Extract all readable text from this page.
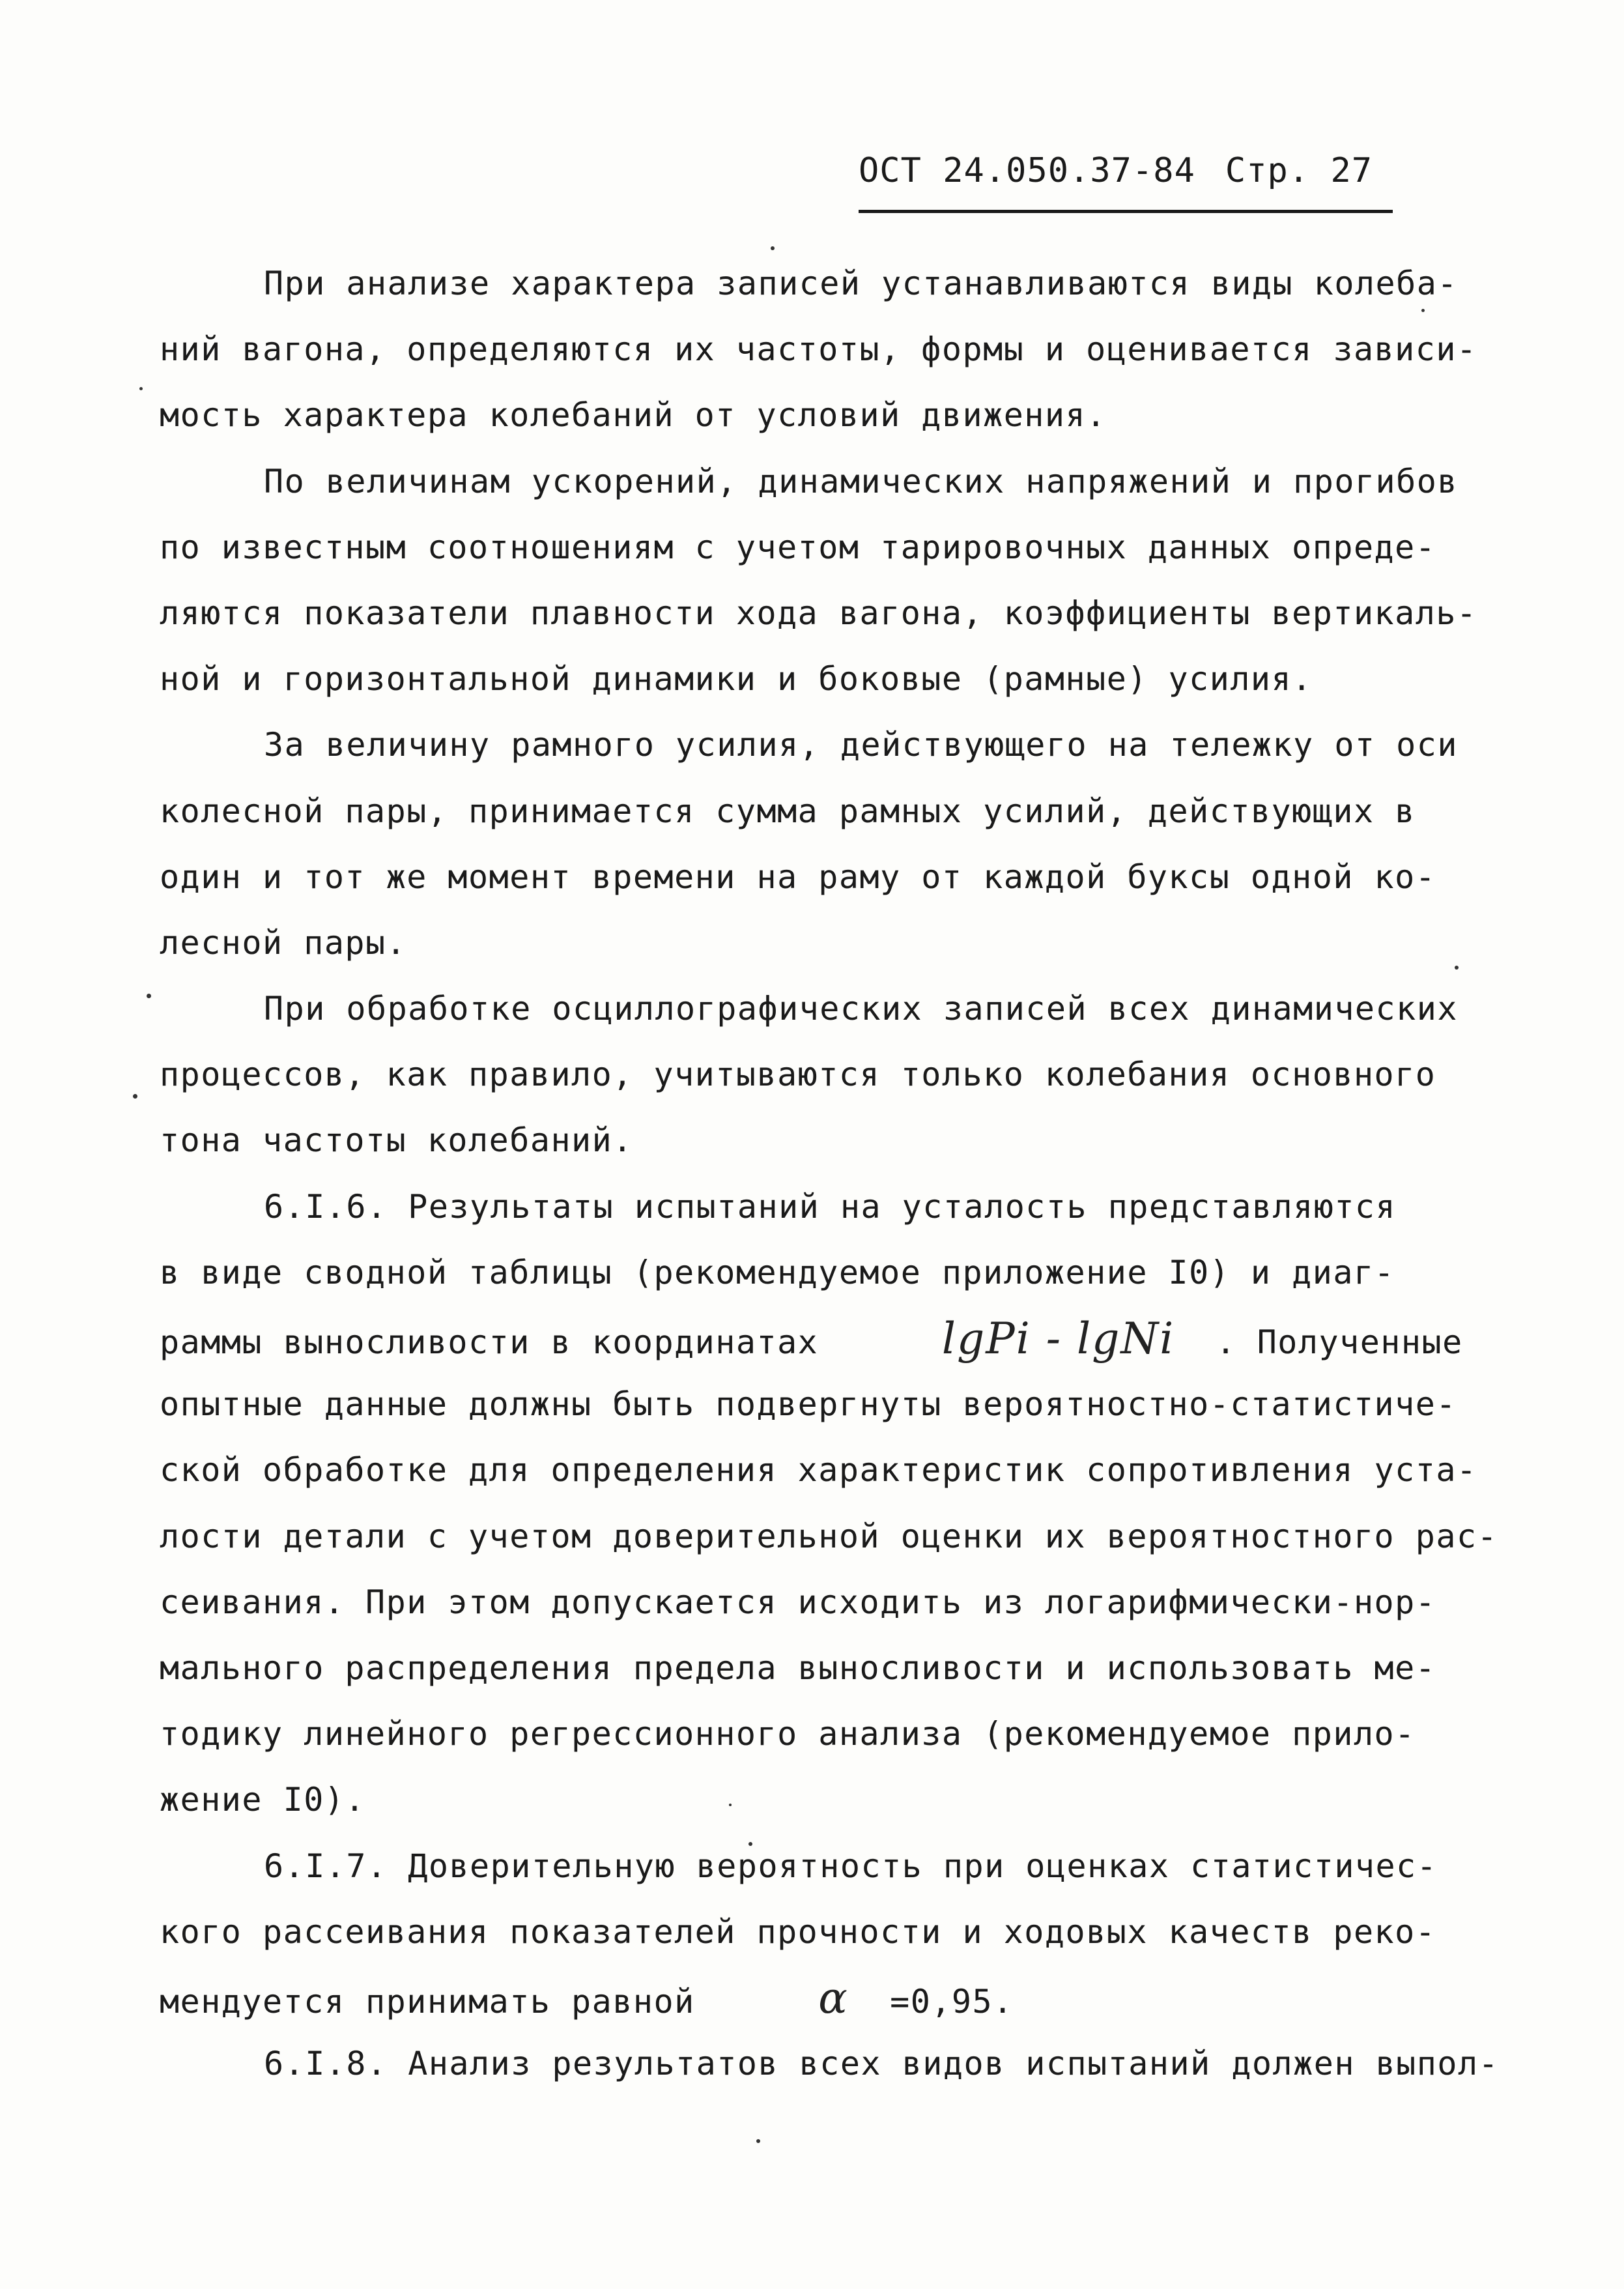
ОСТ 24.050.37-84 Стр. 27
При анализе характера записей устанавливаются виды колеба-
ний вагона, определяются их частоты, формы и оценивается зависи-
мость характера колебаний от условий движения.
По величинам ускорений, динамических напряжений и прогибов
по известным соотношениям с учетом тарировочных данных опреде-
ляются показатели плавности хода вагона, коэффициенты вертикаль-
ной и горизонтальной динамики и боковые (рамные) усилия.
За величину рамного усилия, действующего на тележку от оси
колесной пары, принимается сумма рамных усилий, действующих в
один и тот же момент времени на раму от каждой буксы одной ко-
лесной пары.
При обработке осциллографических записей всех динамических
процессов, как правило, учитываются только колебания основного
тона частоты колебаний.
6.I.6. Результаты испытаний на усталость представляются
в виде сводной таблицы (рекомендуемое приложение I0) и диаг-
раммы выносливости в координатах	lgPi - lgNi . Полученные
опытные данные должны быть подвергнуты вероятностно-статистиче-
ской обработке для определения характеристик сопротивления уста-
лости детали с учетом доверительной оценки их вероятностного рас-
сеивания. При этом допускается исходить из логарифмически-нор-
мального распределения предела выносливости и использовать ме-
тодику линейного регрессионного анализа (рекомендуемое прило-
жение I0).
6.I.7. Доверительную вероятность при оценках статистичес-
кого рассеивания показателей прочности и ходовых качеств реко-
мендуется принимать равной	α =0,95.
6.I.8. Анализ результатов всех видов испытаний должен выпол-
